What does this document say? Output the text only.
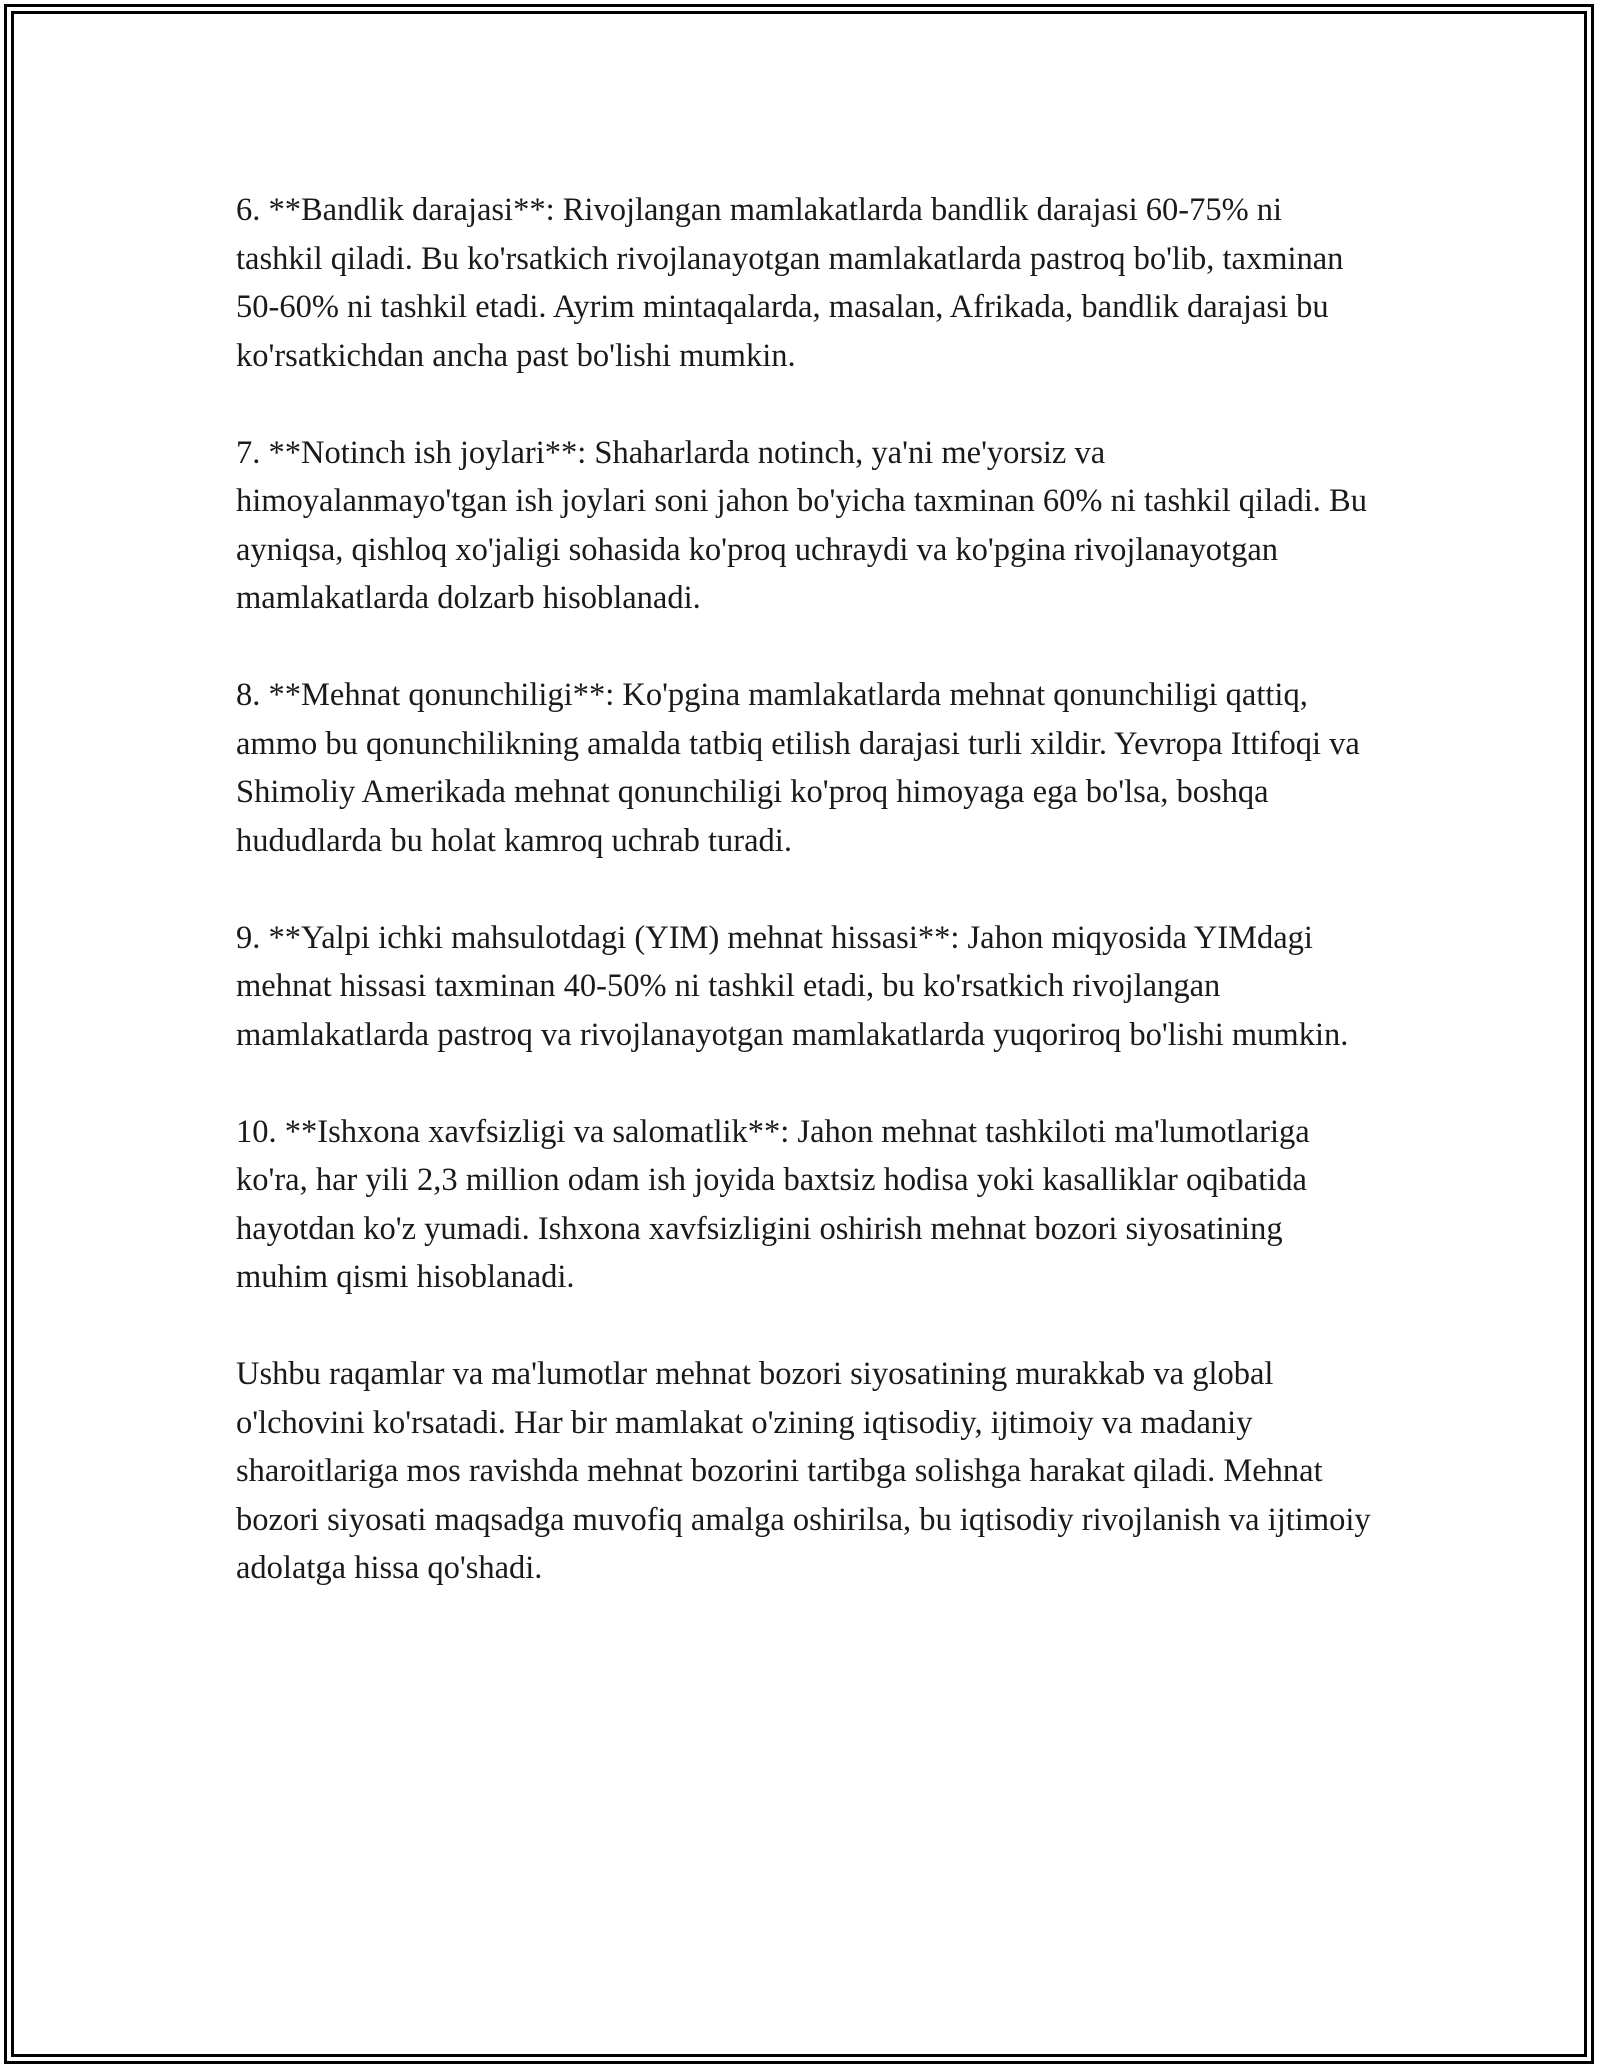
6. **Bandlik darajasi**: Rivojlangan mamlakatlarda bandlik darajasi 60-75% ni tashkil qiladi. Bu ko'rsatkich rivojlanayotgan mamlakatlarda pastroq bo'lib, taxminan 50-60% ni tashkil etadi. Ayrim mintaqalarda, masalan, Afrikada, bandlik darajasi bu ko'rsatkichdan ancha past bo'lishi mumkin.

7. **Notinch ish joylari**: Shaharlarda notinch, ya'ni me'yorsiz va himoyalanmayo'tgan ish joylari soni jahon bo'yicha taxminan 60% ni tashkil qiladi. Bu ayniqsa, qishloq xo'jaligi sohasida ko'proq uchraydi va ko'pgina rivojlanayotgan mamlakatlarda dolzarb hisoblanadi.

8. **Mehnat qonunchiligi**: Ko'pgina mamlakatlarda mehnat qonunchiligi qattiq, ammo bu qonunchilikning amalda tatbiq etilish darajasi turli xildir. Yevropa Ittifoqi va Shimoliy Amerikada mehnat qonunchiligi ko'proq himoyaga ega bo'lsa, boshqa hududlarda bu holat kamroq uchrab turadi.

9. **Yalpi ichki mahsulotdagi (YIM) mehnat hissasi**: Jahon miqyosida YIMdagi mehnat hissasi taxminan 40-50% ni tashkil etadi, bu ko'rsatkich rivojlangan mamlakatlarda pastroq va rivojlanayotgan mamlakatlarda yuqoriroq bo'lishi mumkin.

10. **Ishxona xavfsizligi va salomatlik**: Jahon mehnat tashkiloti ma'lumotlariga ko'ra, har yili 2,3 million odam ish joyida baxtsiz hodisa yoki kasalliklar oqibatida hayotdan ko'z yumadi. Ishxona xavfsizligini oshirish mehnat bozori siyosatining muhim qismi hisoblanadi.

Ushbu raqamlar va ma'lumotlar mehnat bozori siyosatining murakkab va global o'lchovini ko'rsatadi. Har bir mamlakat o'zining iqtisodiy, ijtimoiy va madaniy sharoitlariga mos ravishda mehnat bozorini tartibga solishga harakat qiladi. Mehnat bozori siyosati maqsadga muvofiq amalga oshirilsa, bu iqtisodiy rivojlanish va ijtimoiy adolatga hissa qo'shadi.
